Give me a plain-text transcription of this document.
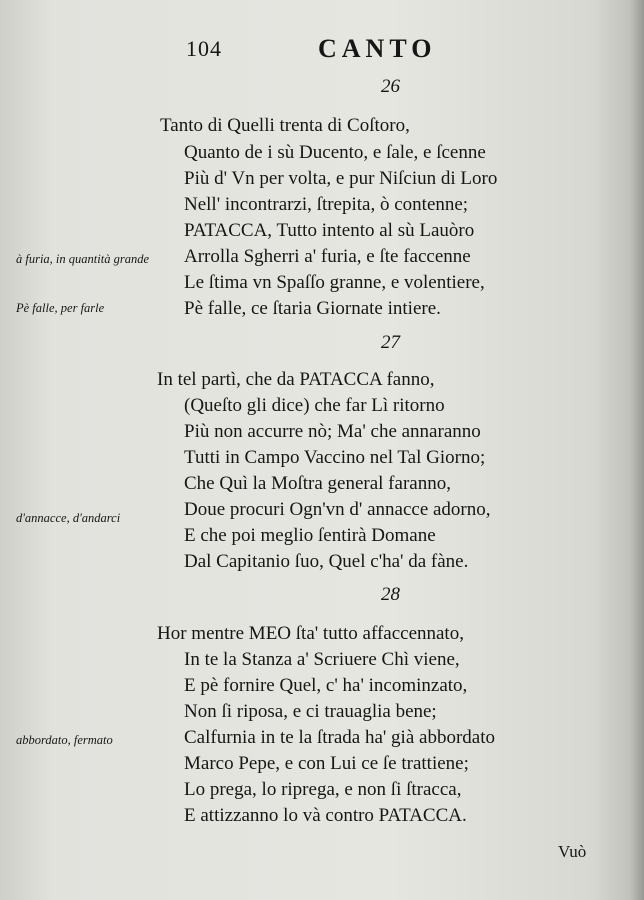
104	CANTO
26
Tanto di Quelli trenta di Coſtoro,
Quanto de i sù Ducento, e ſale, e ſcenne
Più d' Vn per volta, e pur Niſciun di Loro
Nell' incontrarzi, ſtrepita, ò contenne;
PATACCA, Tutto intento al sù Lauòro
Arrolla Sgherri a' furia, e ſte faccenne
Le ſtima vn Spaſſo granne, e volentiere,
Pè falle, ce ſtaria Giornate intiere.
à furia, in quantità grande
Pè falle, per farle
27
In tel partì, che da PATACCA fanno,
(Queſto gli dice) che far Lì ritorno
Più non accurre nò; Ma' che annaranno
Tutti in Campo Vaccino nel Tal Giorno;
Che Quì la Moſtra general faranno,
Doue procuri Ogn'vn d' annacce adorno,
E che poi meglio ſentirà Domane
Dal Capitanio ſuo, Quel c'ha' da fàne.
d'annacce, d'andarci
28
Hor mentre MEO ſta' tutto affaccennato,
In te la Stanza a' Scriuere Chì viene,
E pè fornire Quel, c' ha' incominzato,
Non ſi riposa, e ci trauaglia bene;
Calfurnia in te la ſtrada ha' già abbordato
Marco Pepe, e con Lui ce ſe trattiene;
Lo prega, lo riprega, e non ſi ſtracca,
E attizzanno lo và contro PATACCA.
abbordato, fermato
Vuò
